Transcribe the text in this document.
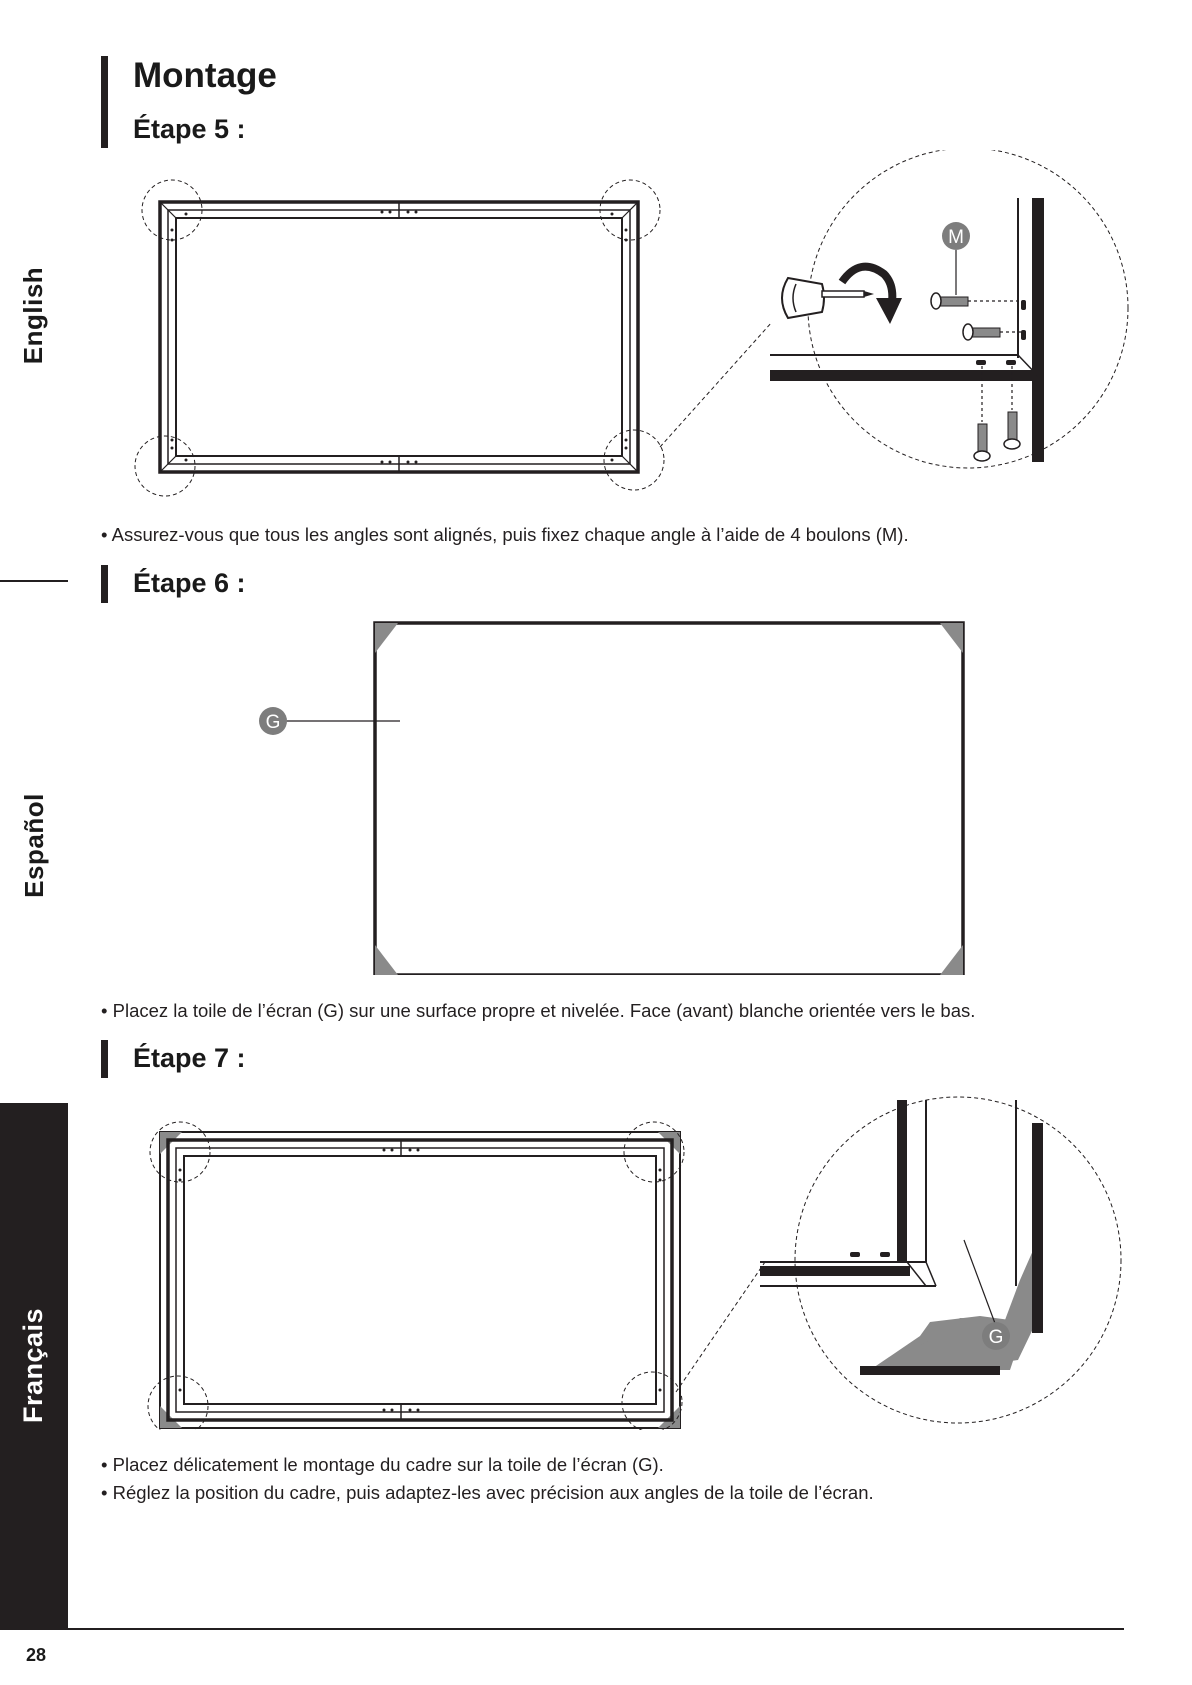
English
Español
Français
Montage
Étape 5 :
M
• Assurez-vous que tous les angles sont alignés, puis fixez chaque angle à l’aide de 4 boulons (M).
Étape 6 :
G
• Placez la toile de l’écran (G) sur une surface propre et nivelée. Face (avant) blanche orientée vers le bas.
Étape 7 :
G
• Placez délicatement le montage du cadre sur la toile de l’écran (G).
• Réglez la position du cadre, puis adaptez-les avec précision aux angles de la toile de l’écran.
28
